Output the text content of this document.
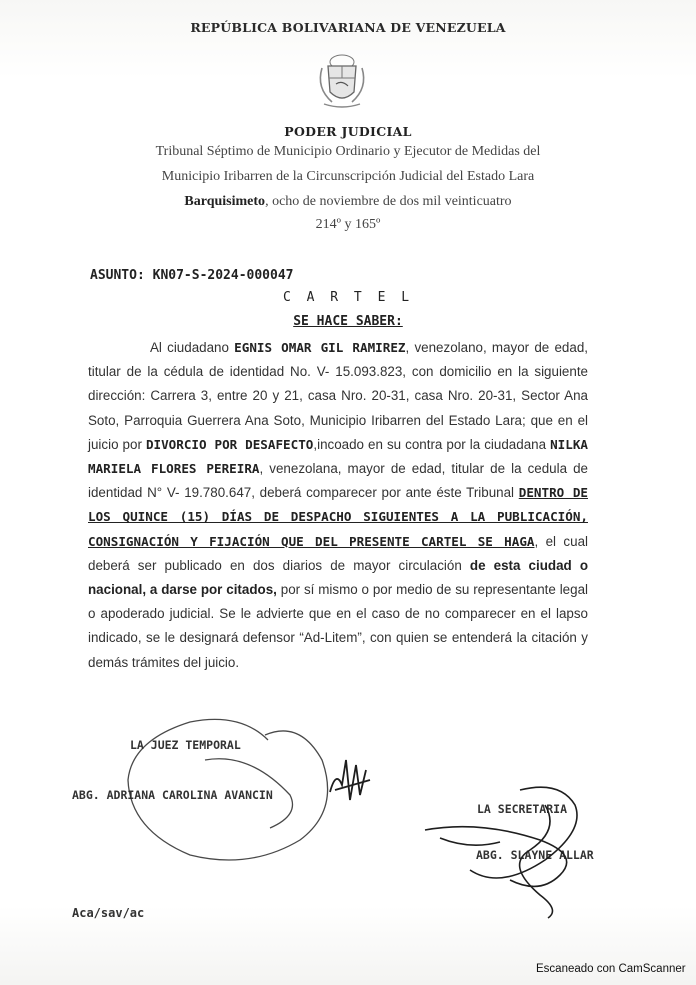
REPÚBLICA BOLIVARIANA DE VENEZUELA
PODER JUDICIAL
Tribunal Séptimo de Municipio Ordinario y Ejecutor de Medidas del
Municipio Iribarren de la Circunscripción Judicial del Estado Lara
Barquisimeto, ocho de noviembre de dos mil veinticuatro
214º y 165º
ASUNTO: KN07-S-2024-000047
C A R T E L
SE HACE SABER:
Al ciudadano EGNIS OMAR GIL RAMIREZ, venezolano, mayor de edad, titular de la cédula de identidad No. V- 15.093.823, con domicilio en la siguiente dirección: Carrera 3, entre 20 y 21, casa Nro. 20-31, casa Nro. 20-31, Sector Ana Soto, Parroquia Guerrera Ana Soto, Municipio Iribarren del Estado Lara; que en el juicio por DIVORCIO POR DESAFECTO,incoado en su contra por la ciudadana NILKA MARIELA FLORES PEREIRA, venezolana, mayor de edad, titular de la cedula de identidad N° V- 19.780.647, deberá comparecer por ante éste Tribunal DENTRO DE LOS QUINCE (15) DÍAS DE DESPACHO SIGUIENTES A LA PUBLICACIÓN, CONSIGNACIÓN Y FIJACIÓN QUE DEL PRESENTE CARTEL SE HAGA, el cual deberá ser publicado en dos diarios de mayor circulación de esta ciudad o nacional, a darse por citados, por sí mismo o por medio de su representante legal o apoderado judicial. Se le advierte que en el caso de no comparecer en el lapso indicado, se le designará defensor “Ad-Litem”, con quien se entenderá la citación y demás trámites del juicio.
LA JUEZ TEMPORAL
ABG. ADRIANA CAROLINA AVANCIN
LA SECRETARIA
ABG. SLAYNE ALLAR
Aca/sav/ac
Escaneado con CamScanner
